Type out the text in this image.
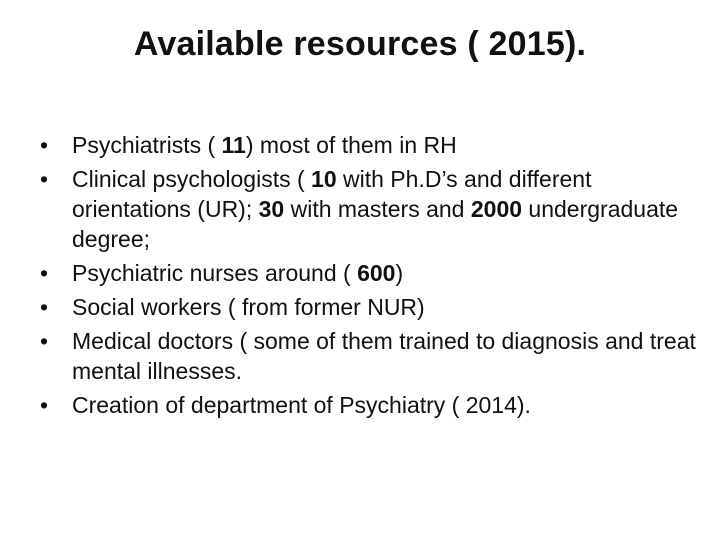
Available resources ( 2015).
• Psychiatrists ( 11) most of them in RH
• Clinical psychologists ( 10 with Ph.D’s and different orientations (UR); 30 with masters and 2000 undergraduate degree;
• Psychiatric nurses around ( 600)
• Social workers ( from former NUR)
• Medical doctors ( some of them trained to diagnosis and treat mental illnesses.
• Creation of department of Psychiatry ( 2014).
